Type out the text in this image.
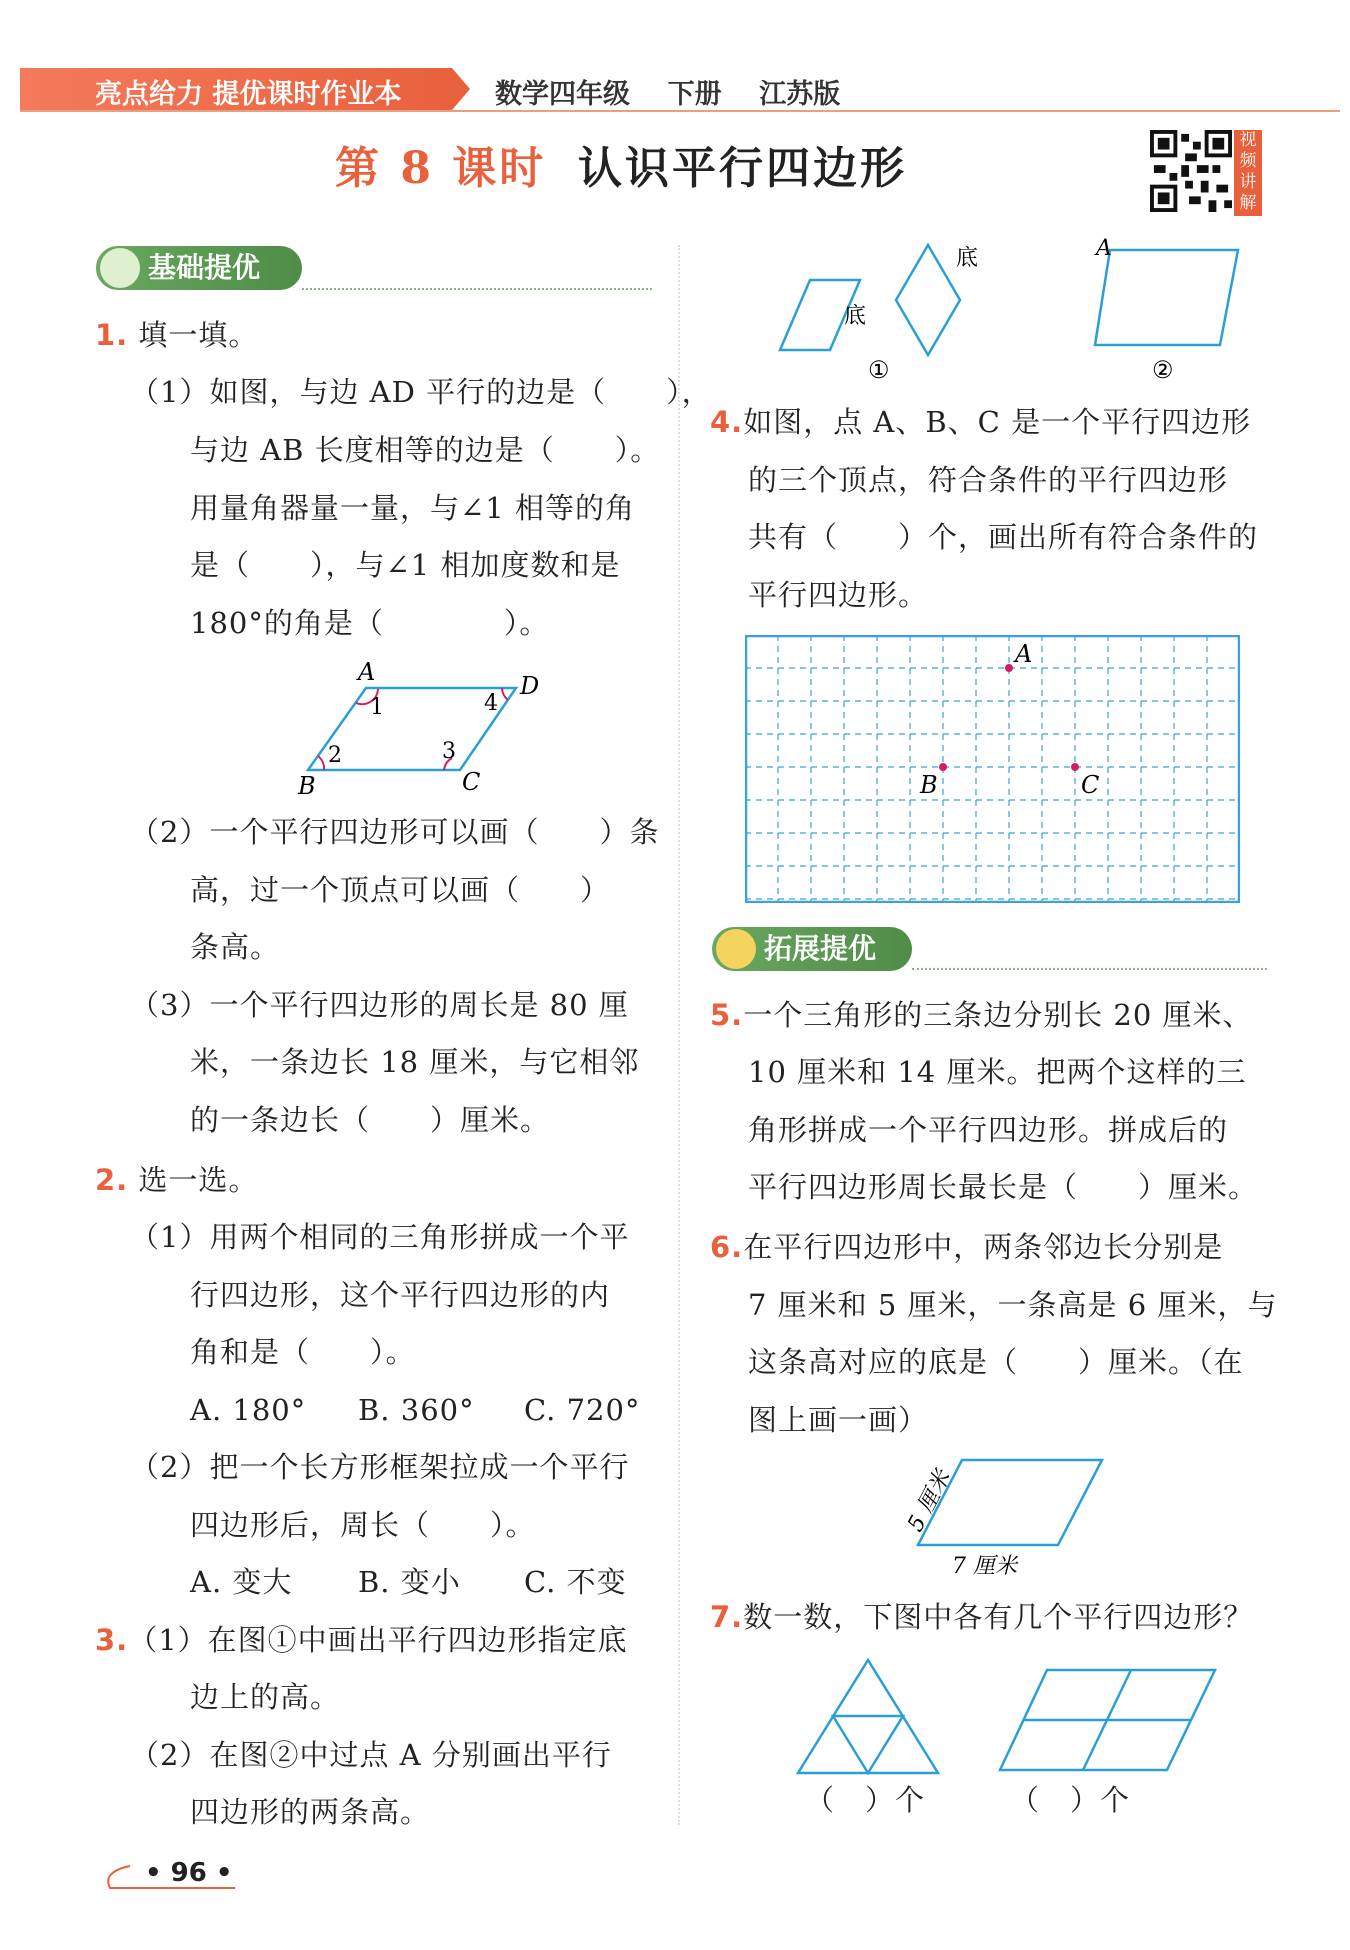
亮点给力 提优课时作业本	数学四年级    下册    江苏版
第 8 课时 认识平行四边形
视频讲解
基础提优
1. 填一填。
（1）如图，与边 AD 平行的边是（　　），
与边 AB 长度相等的边是（　　）。
用量角器量一量，与∠1 相等的角
是（　　），与∠1 相加度数和是
180°的角是（　　　　）。
A	D
B	C
1
2	3
4
（2）一个平行四边形可以画（　　）条
高，过一个顶点可以画（　　）
条高。
（3）一个平行四边形的周长是 80 厘
米，一条边长 18 厘米，与它相邻
的一条边长（　　）厘米。
2. 选一选。
（1）用两个相同的三角形拼成一个平
行四边形，这个平行四边形的内
角和是（　　）。
A. 180° B. 360° C. 720°
（2）把一个长方形框架拉成一个平行
四边形后，周长（　　）。
A. 变大 B. 变小 C. 不变
3.（1）在图①中画出平行四边形指定底
边上的高。
（2）在图②中过点 A 分别画出平行
四边形的两条高。
底
底	A
①	②
4.如图，点 A、B、C 是一个平行四边形
的三个顶点，符合条件的平行四边形
共有（　　）个，画出所有符合条件的
平行四边形。
A
B	C
拓展提优
5.一个三角形的三条边分别长 20 厘米、
10 厘米和 14 厘米。把两个这样的三
角形拼成一个平行四边形。拼成后的
平行四边形周长最长是（　　）厘米。
6.在平行四边形中，两条邻边长分别是
7 厘米和 5 厘米，一条高是 6 厘米，与
这条高对应的底是（　　）厘米。（在
图上画一画）
5 厘米
7 厘米
7.数一数，下图中各有几个平行四边形？
（　）个	（　）个
• 96 •
